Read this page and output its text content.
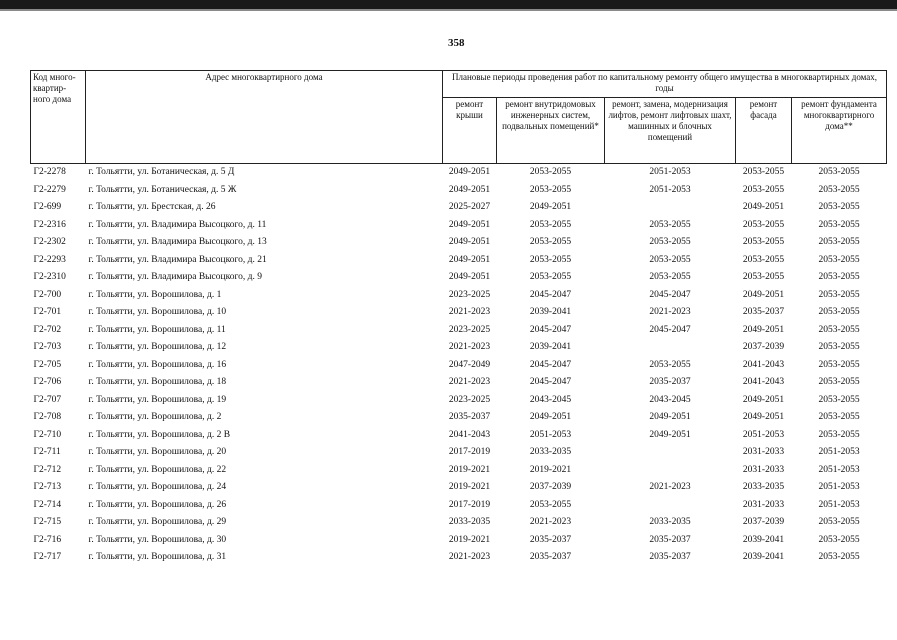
358
Код много-квартир-ного дома	Адрес многоквартирного дома	Плановые периоды проведения работ по капитальному ремонту общего имущества в многоквартирных домах, годы				
		ремонт крыши	ремонт внутридомовых инженерных систем, подвальных помещений*	ремонт, замена, модернизация лифтов, ремонт лифтовых шахт, машинных и блочных помещений	ремонт фасада	ремонт фундамента многоквартирного дома**
Г2-2278	г. Тольятти, ул. Ботаническая, д. 5 Д	2049-2051	2053-2055	2051-2053	2053-2055	2053-2055
Г2-2279	г. Тольятти, ул. Ботаническая, д. 5 Ж	2049-2051	2053-2055	2051-2053	2053-2055	2053-2055
Г2-699	г. Тольятти, ул. Брестская, д. 26	2025-2027	2049-2051		2049-2051	2053-2055
Г2-2316	г. Тольятти, ул. Владимира Высоцкого, д. 11	2049-2051	2053-2055	2053-2055	2053-2055	2053-2055
Г2-2302	г. Тольятти, ул. Владимира Высоцкого, д. 13	2049-2051	2053-2055	2053-2055	2053-2055	2053-2055
Г2-2293	г. Тольятти, ул. Владимира Высоцкого, д. 21	2049-2051	2053-2055	2053-2055	2053-2055	2053-2055
Г2-2310	г. Тольятти, ул. Владимира Высоцкого, д. 9	2049-2051	2053-2055	2053-2055	2053-2055	2053-2055
Г2-700	г. Тольятти, ул. Ворошилова, д. 1	2023-2025	2045-2047	2045-2047	2049-2051	2053-2055
Г2-701	г. Тольятти, ул. Ворошилова, д. 10	2021-2023	2039-2041	2021-2023	2035-2037	2053-2055
Г2-702	г. Тольятти, ул. Ворошилова, д. 11	2023-2025	2045-2047	2045-2047	2049-2051	2053-2055
Г2-703	г. Тольятти, ул. Ворошилова, д. 12	2021-2023	2039-2041		2037-2039	2053-2055
Г2-705	г. Тольятти, ул. Ворошилова, д. 16	2047-2049	2045-2047	2053-2055	2041-2043	2053-2055
Г2-706	г. Тольятти, ул. Ворошилова, д. 18	2021-2023	2045-2047	2035-2037	2041-2043	2053-2055
Г2-707	г. Тольятти, ул. Ворошилова, д. 19	2023-2025	2043-2045	2043-2045	2049-2051	2053-2055
Г2-708	г. Тольятти, ул. Ворошилова, д. 2	2035-2037	2049-2051	2049-2051	2049-2051	2053-2055
Г2-710	г. Тольятти, ул. Ворошилова, д. 2 В	2041-2043	2051-2053	2049-2051	2051-2053	2053-2055
Г2-711	г. Тольятти, ул. Ворошилова, д. 20	2017-2019	2033-2035		2031-2033	2051-2053
Г2-712	г. Тольятти, ул. Ворошилова, д. 22	2019-2021	2019-2021		2031-2033	2051-2053
Г2-713	г. Тольятти, ул. Ворошилова, д. 24	2019-2021	2037-2039	2021-2023	2033-2035	2051-2053
Г2-714	г. Тольятти, ул. Ворошилова, д. 26	2017-2019	2053-2055		2031-2033	2051-2053
Г2-715	г. Тольятти, ул. Ворошилова, д. 29	2033-2035	2021-2023	2033-2035	2037-2039	2053-2055
Г2-716	г. Тольятти, ул. Ворошилова, д. 30	2019-2021	2035-2037	2035-2037	2039-2041	2053-2055
Г2-717	г. Тольятти, ул. Ворошилова, д. 31	2021-2023	2035-2037	2035-2037	2039-2041	2053-2055
